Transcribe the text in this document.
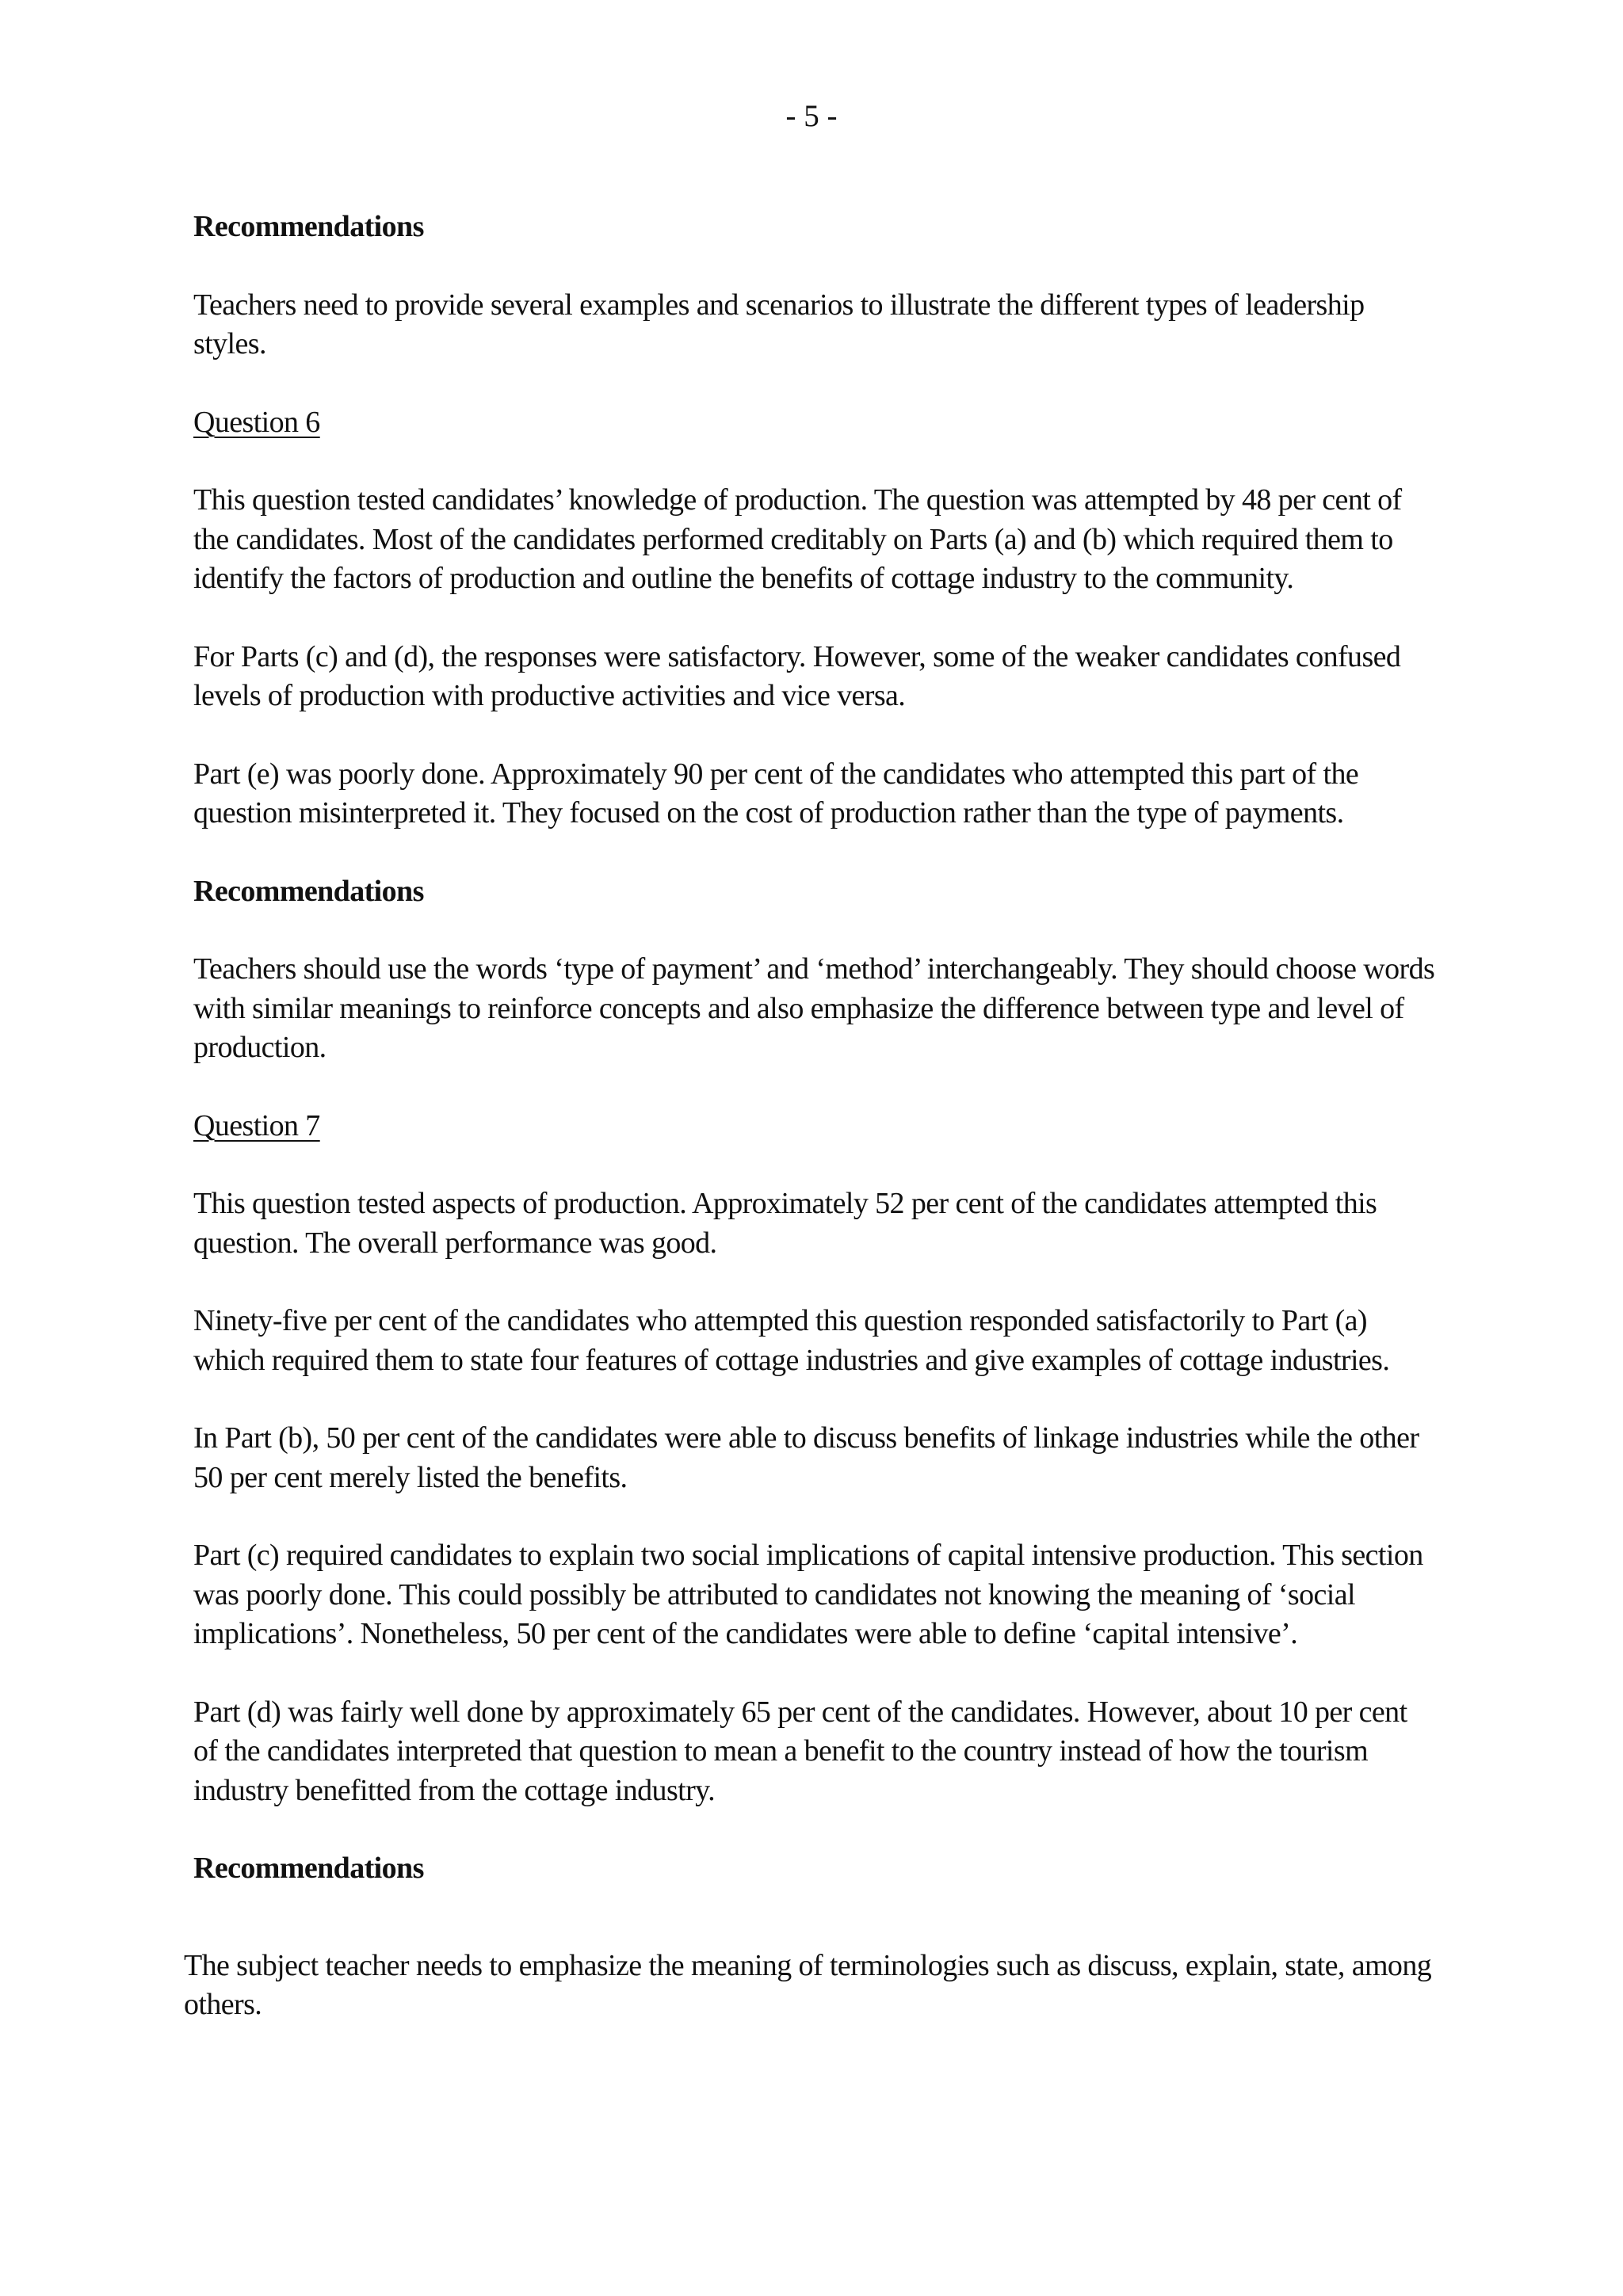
- 5 -

Recommendations

Teachers need to provide several examples and scenarios to illustrate the different types of leadership styles.

Question 6

This question tested candidates’ knowledge of production. The question was attempted by 48 per cent of the candidates. Most of the candidates performed creditably on Parts (a) and (b) which required them to identify the factors of production and outline the benefits of cottage industry to the community.

For Parts (c) and (d), the responses were satisfactory. However, some of the weaker candidates confused levels of production with productive activities and vice versa.

Part (e) was poorly done. Approximately 90 per cent of the candidates who attempted this part of the question misinterpreted it. They focused on the cost of production rather than the type of payments.

Recommendations

Teachers should use the words ‘type of payment’ and ‘method’ interchangeably. They should choose words with similar meanings to reinforce concepts and also emphasize the difference between type and level of production.

Question 7

This question tested aspects of production. Approximately 52 per cent of the candidates attempted this question. The overall performance was good.

Ninety-five per cent of the candidates who attempted this question responded satisfactorily to Part (a) which required them to state four features of cottage industries and give examples of cottage industries.

In Part (b), 50 per cent of the candidates were able to discuss benefits of linkage industries while the other 50 per cent merely listed the benefits.

Part (c) required candidates to explain two social implications of capital intensive production. This section was poorly done. This could possibly be attributed to candidates not knowing the meaning of ‘social implications’. Nonetheless, 50 per cent of the candidates were able to define ‘capital intensive’.

Part (d) was fairly well done by approximately 65 per cent of the candidates. However, about 10 per cent of the candidates interpreted that question to mean a benefit to the country instead of how the tourism industry benefitted from the cottage industry.

Recommendations

The subject teacher needs to emphasize the meaning of terminologies such as discuss, explain, state, among others.
